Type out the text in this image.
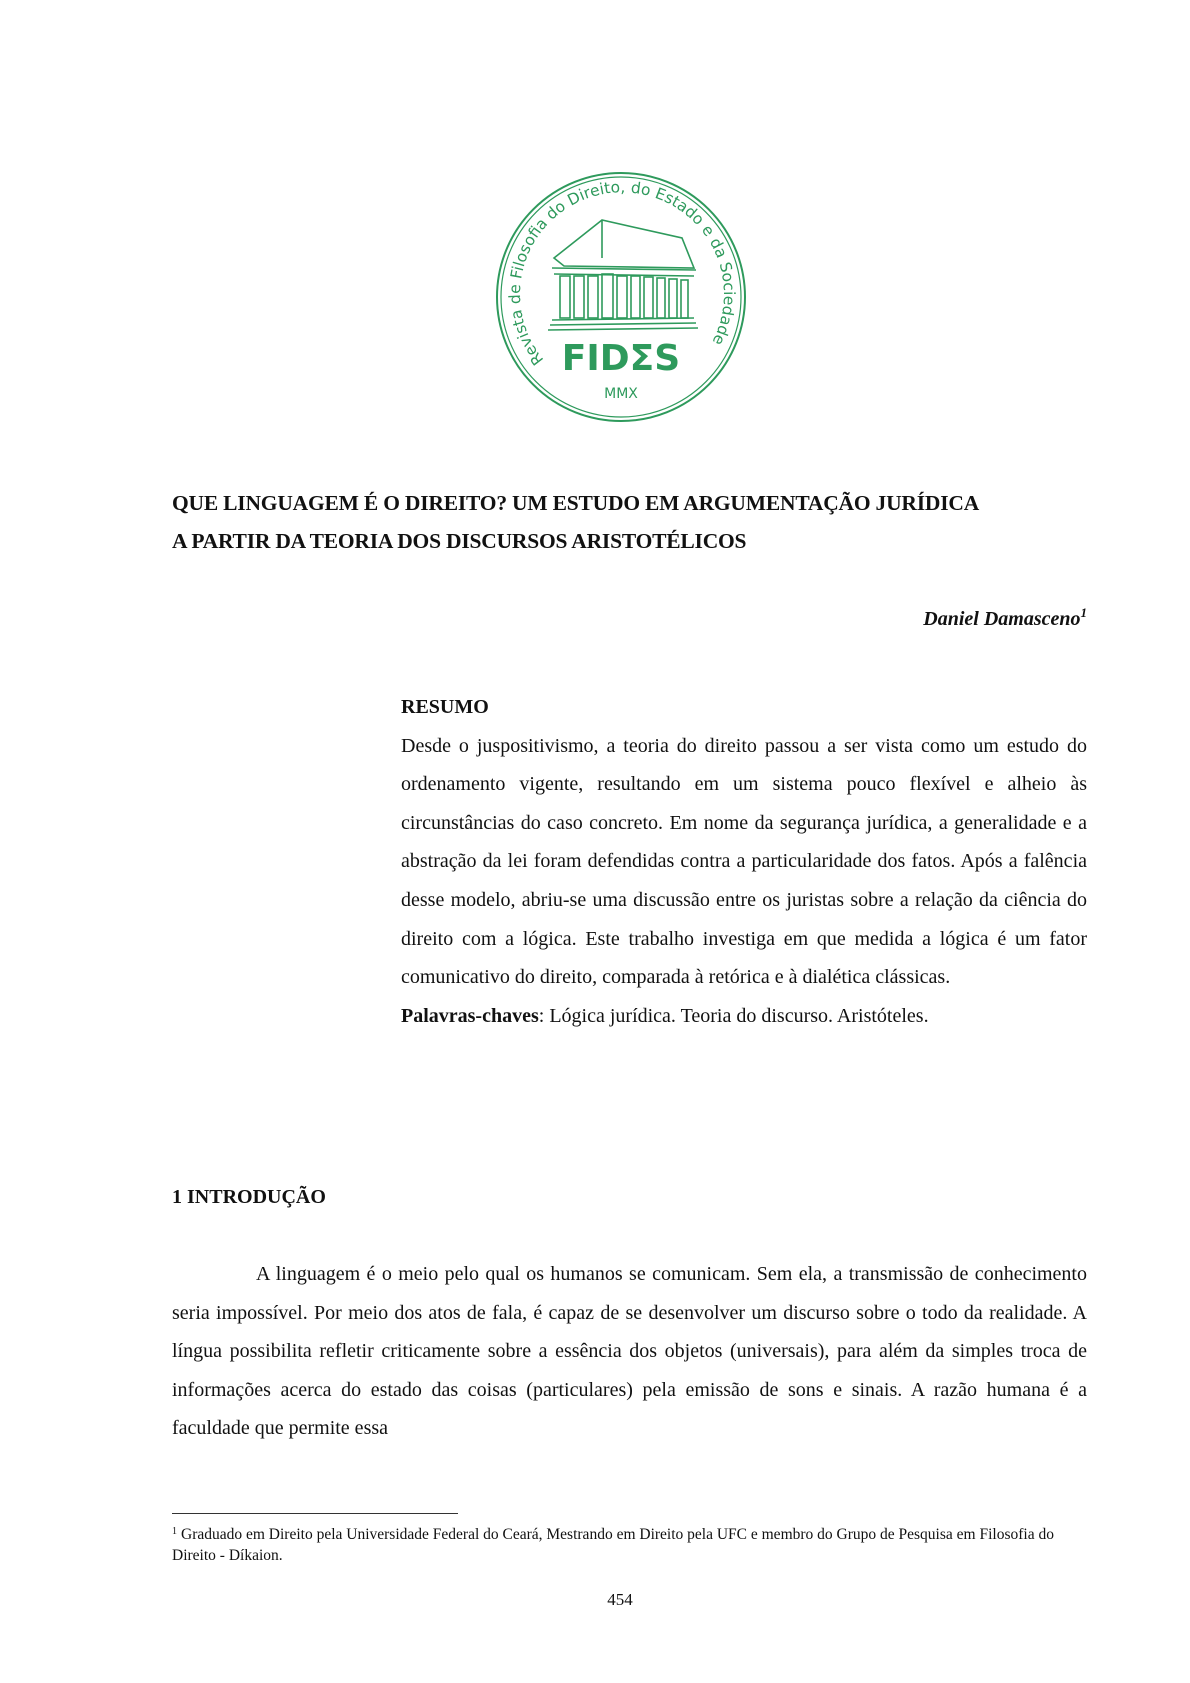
Revista de Filosofia do Direito, do Estado e da Sociedade
FIDΣS
MMX
QUE LINGUAGEM É O DIREITO? UM ESTUDO EM ARGUMENTAÇÃO JURÍDICA
A PARTIR DA TEORIA DOS DISCURSOS ARISTOTÉLICOS
Daniel Damasceno$^1$
RESUMO
Desde o juspositivismo, a teoria do direito passou a ser vista como um estudo do ordenamento vigente, resultando em um sistema pouco flexível e alheio às circunstâncias do caso concreto. Em nome da segurança jurídica, a generalidade e a abstração da lei foram defendidas contra a particularidade dos fatos. Após a falência desse modelo, abriu-se uma discussão entre os juristas sobre a relação da ciência do direito com a lógica. Este trabalho investiga em que medida a lógica é um fator comunicativo do direito, comparada à retórica e à dialética clássicas.
Palavras-chaves: Lógica jurídica. Teoria do discurso. Aristóteles.
1 INTRODUÇÃO
A linguagem é o meio pelo qual os humanos se comunicam. Sem ela, a transmissão de conhecimento seria impossível. Por meio dos atos de fala, é capaz de se desenvolver um discurso sobre o todo da realidade. A língua possibilita refletir criticamente sobre a essência dos objetos (universais), para além da simples troca de informações acerca do estado das coisas (particulares) pela emissão de sons e sinais. A razão humana é a faculdade que permite essa
$^1$ Graduado em Direito pela Universidade Federal do Ceará, Mestrando em Direito pela UFC e membro do Grupo de Pesquisa em Filosofia do Direito - Díkaion.
454
